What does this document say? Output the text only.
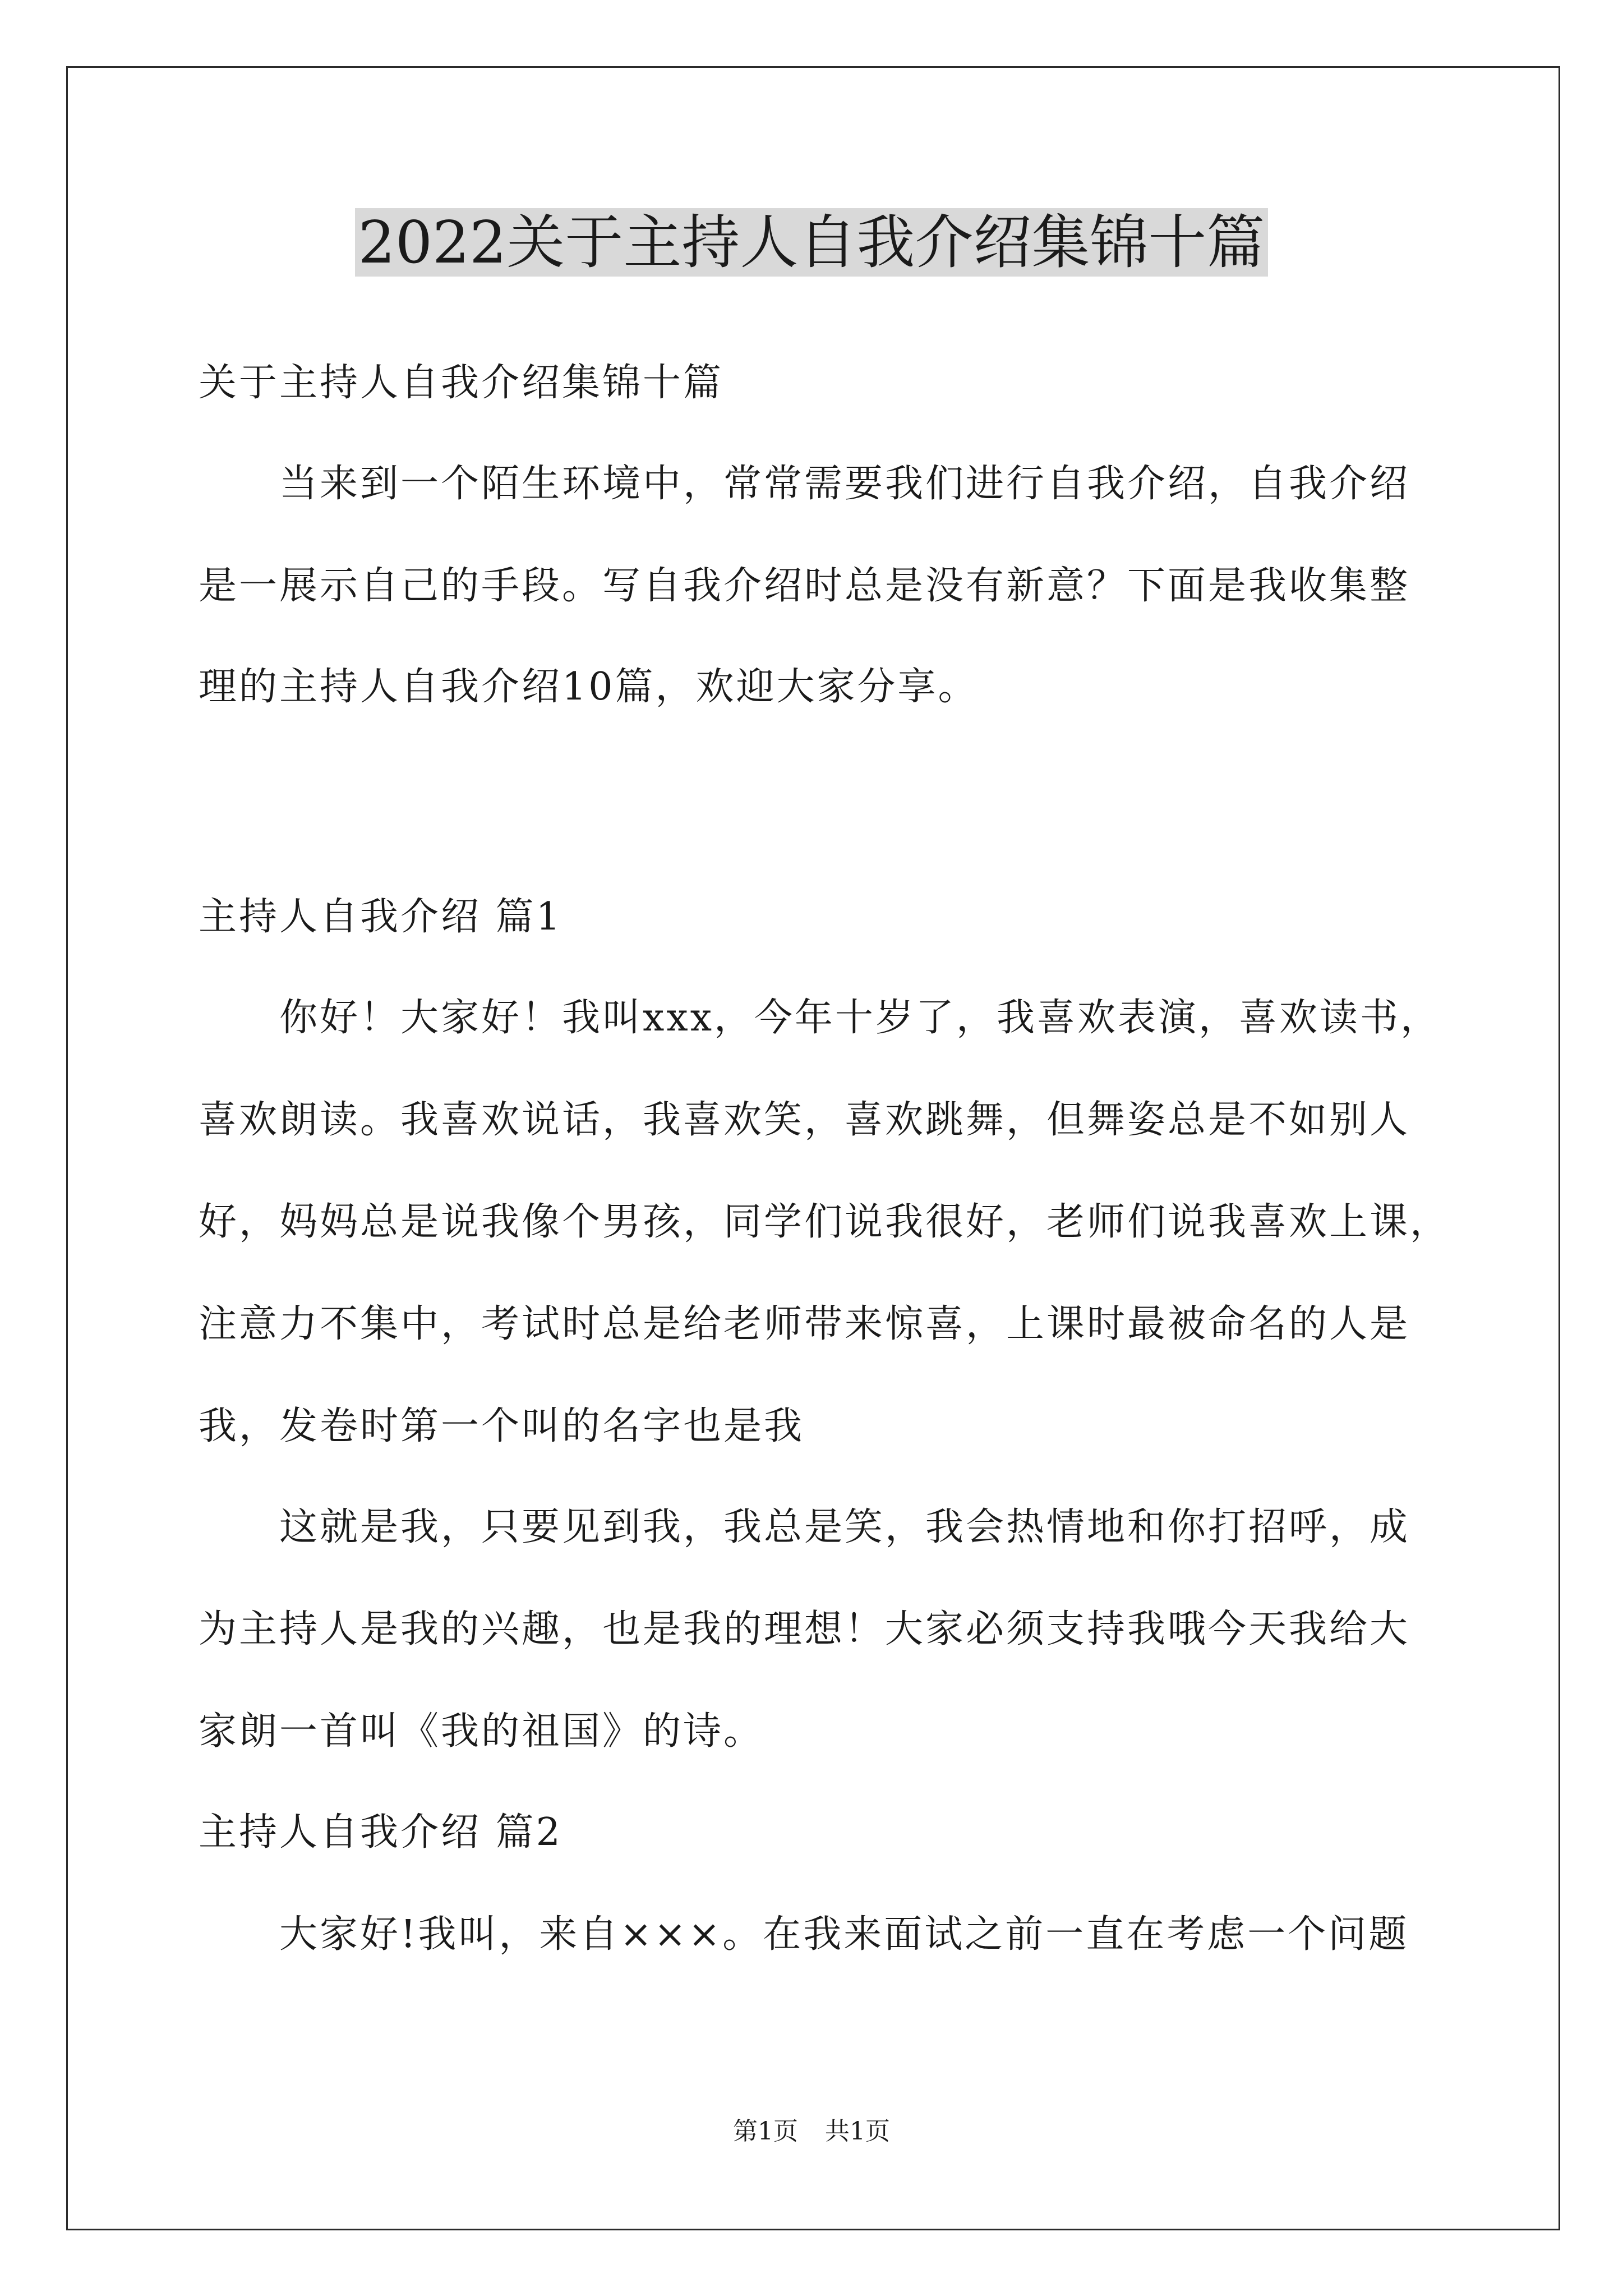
2022关于主持人自我介绍集锦十篇
关于主持人自我介绍集锦十篇
　　当来到一个陌生环境中，常常需要我们进行自我介绍，自我介绍
是一展示自己的手段。写自我介绍时总是没有新意？下面是我收集整
理的主持人自我介绍10篇，欢迎大家分享。
主持人自我介绍 篇1
　　你好！大家好！我叫xxx，今年十岁了，我喜欢表演，喜欢读书，
喜欢朗读。我喜欢说话，我喜欢笑，喜欢跳舞，但舞姿总是不如别人
好，妈妈总是说我像个男孩，同学们说我很好，老师们说我喜欢上课，
注意力不集中，考试时总是给老师带来惊喜，上课时最被命名的人是
我，发卷时第一个叫的名字也是我
　　这就是我，只要见到我，我总是笑，我会热情地和你打招呼，成
为主持人是我的兴趣，也是我的理想！大家必须支持我哦今天我给大
家朗一首叫《我的祖国》的诗。
主持人自我介绍 篇2
　　大家好!我叫，来自×××。在我来面试之前一直在考虑一个问题
第1页 共1页
